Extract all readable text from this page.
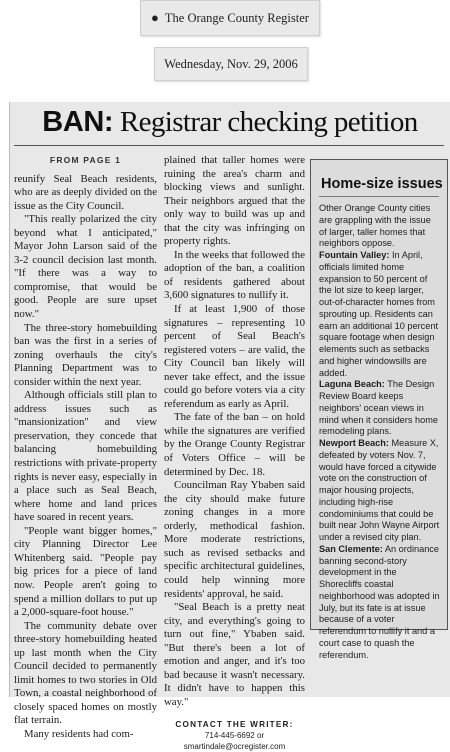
● The Orange County Register
Wednesday, Nov. 29, 2006
BAN: Registrar checking petition
FROM PAGE 1

reunify Seal Beach residents, who are as deeply divided on the issue as the City Council.

"This really polarized the city beyond what I anticipated," Mayor John Larson said of the 3-2 council decision last month. "If there was a way to compromise, that would be good. People are sure upset now."

The three-story homebuilding ban was the first in a series of zoning overhauls the city's Planning Department was to consider within the next year.

Although officials still plan to address issues such as "mansionization" and view preservation, they concede that balancing homebuilding restrictions with private-property rights is never easy, especially in a place such as Seal Beach, where home and land prices have soared in recent years.

"People want bigger homes," city Planning Director Lee Whitenberg said. "People pay big prices for a piece of land now. People aren't going to spend a million dollars to put up a 2,000-square-foot house."

The community debate over three-story homebuilding heated up last month when the City Council decided to permanently limit homes to two stories in Old Town, a coastal neighborhood of closely spaced homes on mostly flat terrain.

Many residents had com-

plained that taller homes were ruining the area's charm and blocking views and sunlight. Their neighbors argued that the only way to build was up and that the city was infringing on property rights.

In the weeks that followed the adoption of the ban, a coalition of residents gathered about 3,600 signatures to nullify it.

If at least 1,900 of those signatures – representing 10 percent of Seal Beach's registered voters – are valid, the City Council ban likely will never take effect, and the issue could go before voters via a city referendum as early as April.

The fate of the ban – on hold while the signatures are verified by the Orange County Registrar of Voters Office – will be determined by Dec. 18.

Councilman Ray Ybaben said the city should make future zoning changes in a more orderly, methodical fashion. More moderate restrictions, such as revised setbacks and specific architectural guidelines, could help winning more residents' approval, he said.

"Seal Beach is a pretty neat city, and everything's going to turn out fine," Ybaben said. "But there's been a lot of emotion and anger, and it's too bad because it wasn't necessary. It didn't have to happen this way."

CONTACT THE WRITER:
714-445-6692 or
smartindale@ocregister.com
Home-size issues

Other Orange County cities are grappling with the issue of larger, taller homes that neighbors oppose.

Fountain Valley: In April, officials limited home expansion to 50 percent of the lot size to keep larger, out-of-character homes from sprouting up. Residents can earn an additional 10 percent square footage when design elements such as setbacks and higher windowsills are added.

Laguna Beach: The Design Review Board keeps neighbors' ocean views in mind when it considers home remodeling plans.

Newport Beach: Measure X, defeated by voters Nov. 7, would have forced a citywide vote on the construction of major housing projects, including high-rise condominiums that could be built near John Wayne Airport under a revised city plan.

San Clemente: An ordinance banning second-story development in the Shorecliffs coastal neighborhood was adopted in July, but its fate is at issue because of a voter referendum to nullify it and a court case to quash the referendum.
